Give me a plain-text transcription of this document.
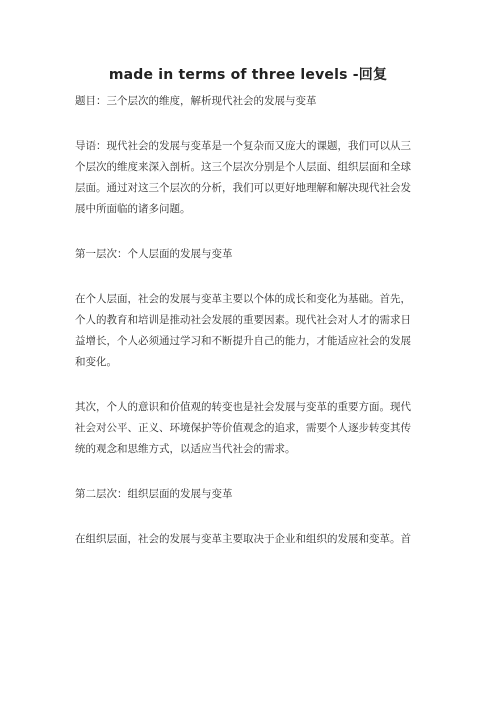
made in terms of three levels -回复
题目：三个层次的维度，解析现代社会的发展与变革
导语：现代社会的发展与变革是一个复杂而又庞大的课题，我们可以从三
个层次的维度来深入剖析。这三个层次分别是个人层面、组织层面和全球
层面。通过对这三个层次的分析，我们可以更好地理解和解决现代社会发
展中所面临的诸多问题。
第一层次：个人层面的发展与变革
在个人层面，社会的发展与变革主要以个体的成长和变化为基础。首先，
个人的教育和培训是推动社会发展的重要因素。现代社会对人才的需求日
益增长，个人必须通过学习和不断提升自己的能力，才能适应社会的发展
和变化。
其次，个人的意识和价值观的转变也是社会发展与变革的重要方面。现代
社会对公平、正义、环境保护等价值观念的追求，需要个人逐步转变其传
统的观念和思维方式，以适应当代社会的需求。
第二层次：组织层面的发展与变革
在组织层面，社会的发展与变革主要取决于企业和组织的发展和变革。首
